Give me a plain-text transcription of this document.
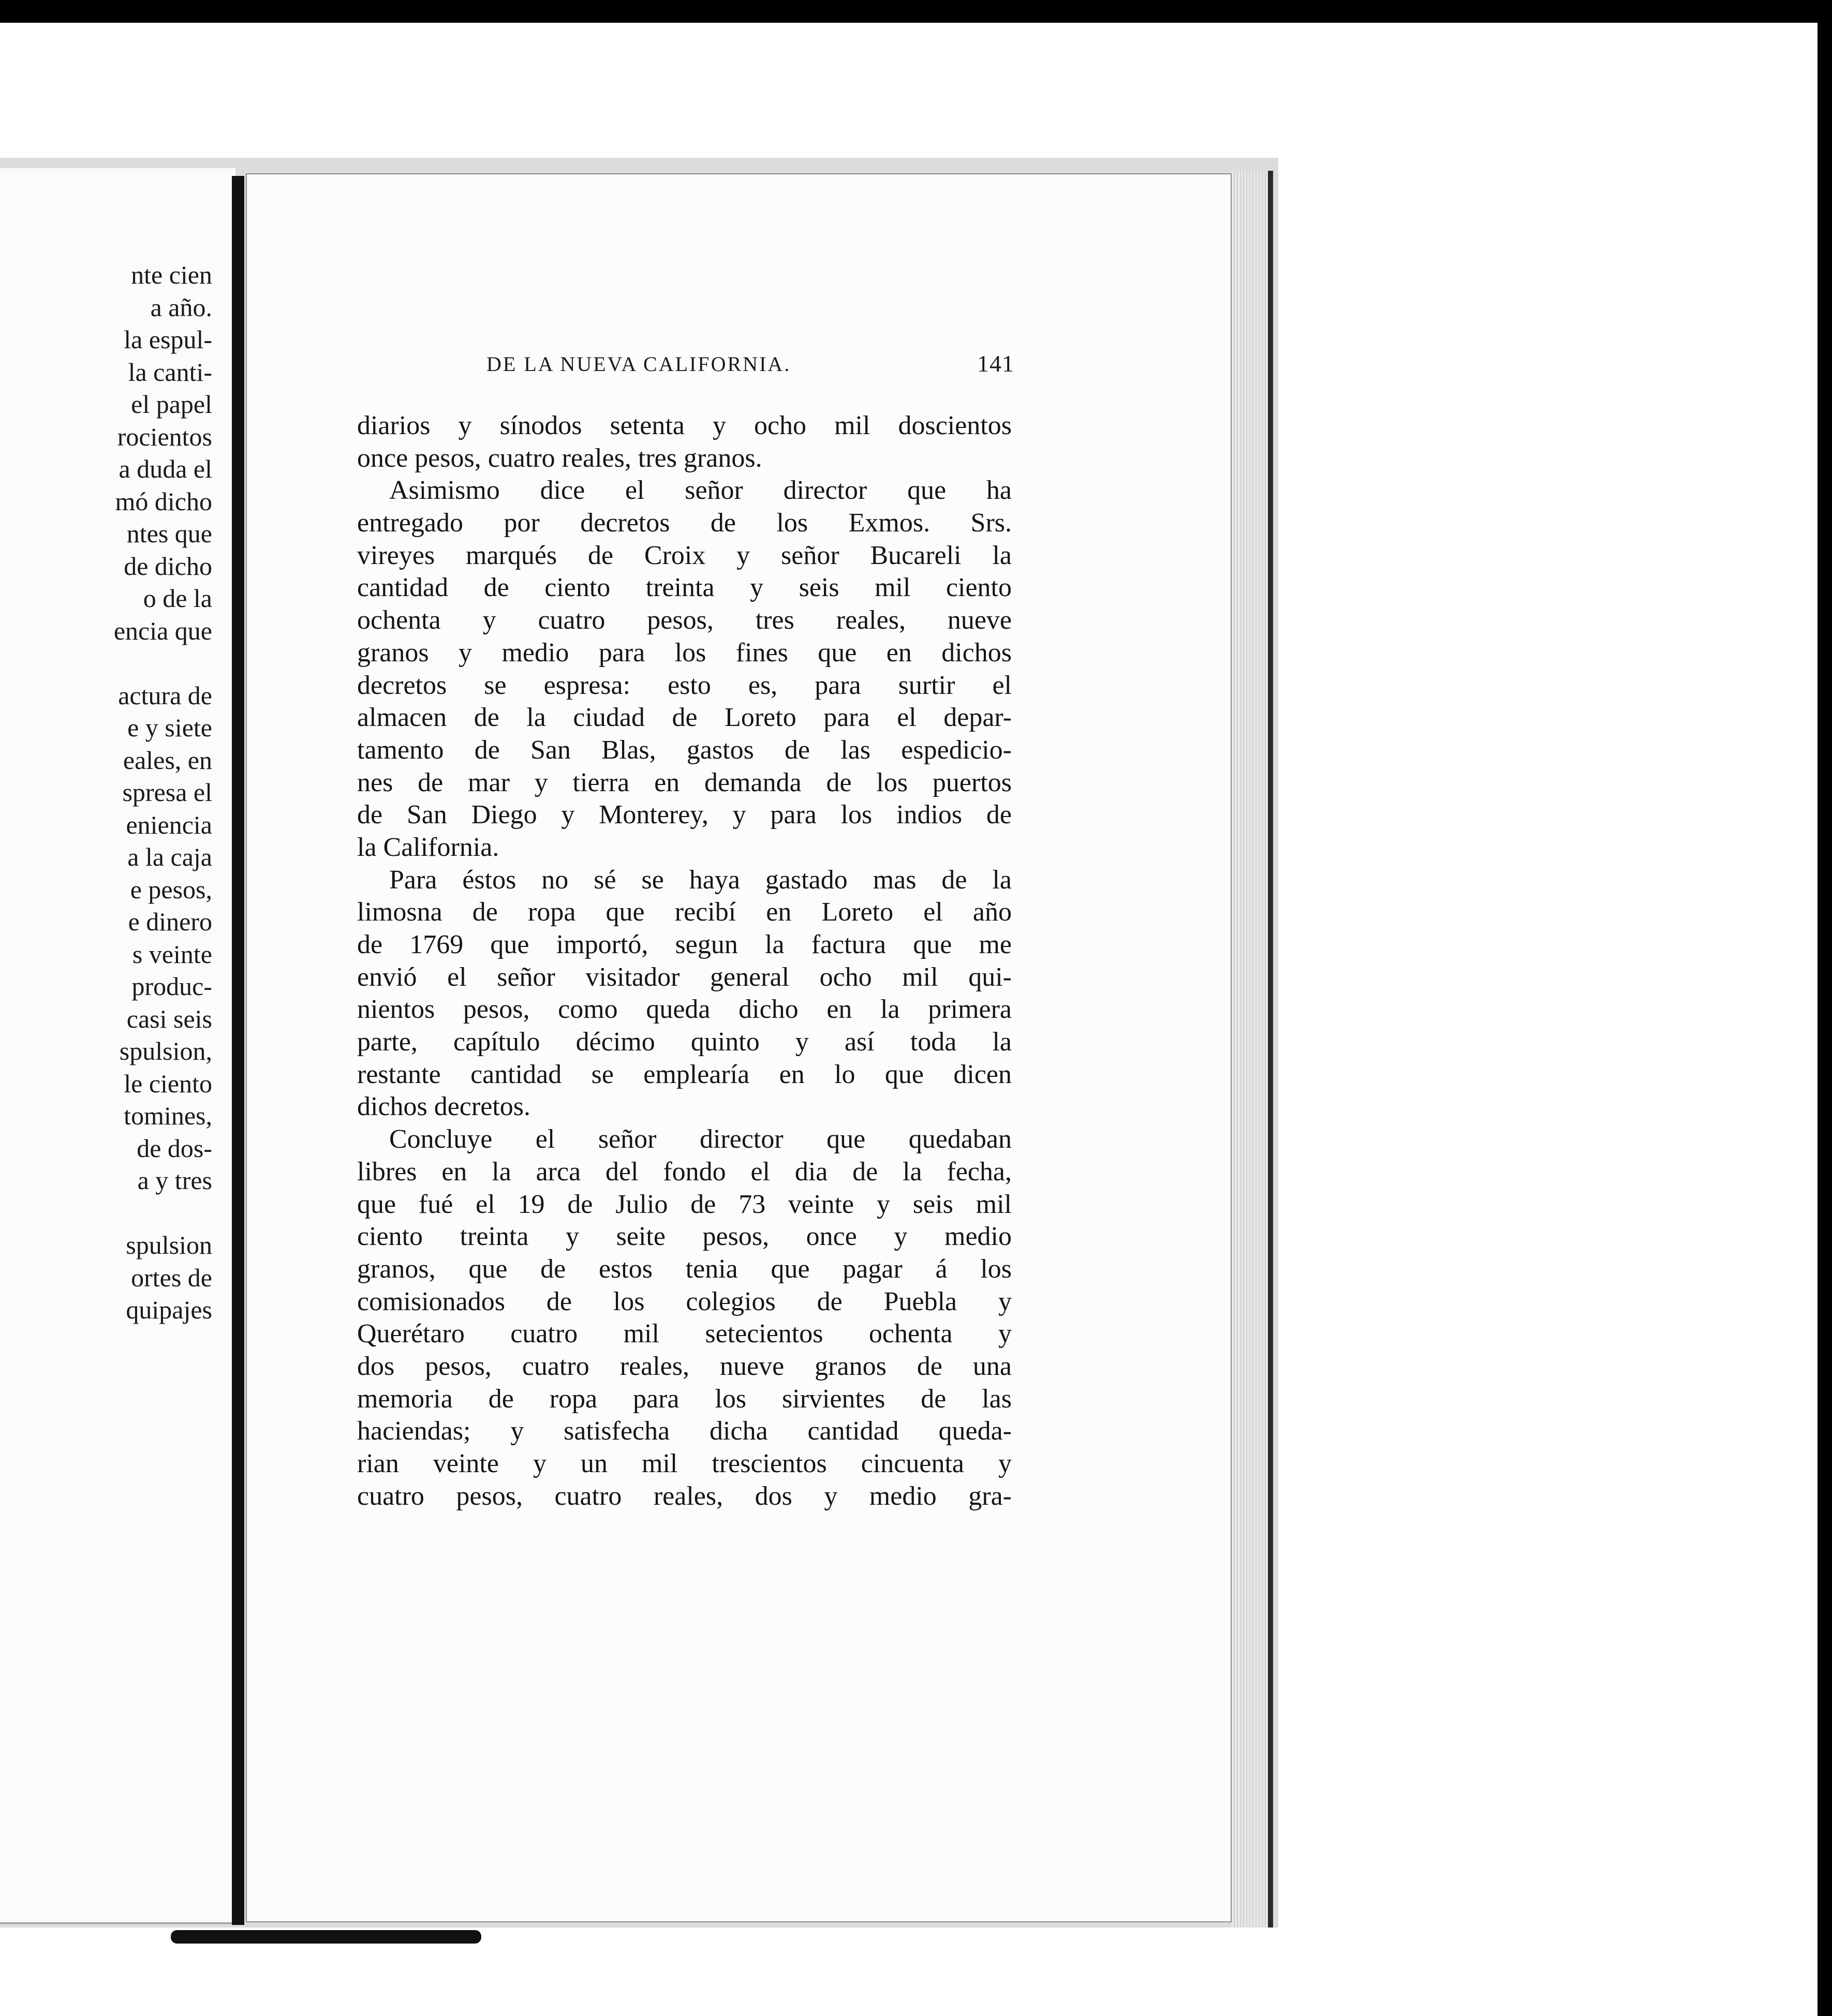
nte cien
a año.
la espul-
la canti-
el papel
rocientos
a duda el
mó dicho
ntes que
de dicho
o de la
encia que
actura de
e y siete
eales, en
spresa el
eniencia
a la caja
e pesos,
e dinero
s veinte
produc-
casi seis
spulsion,
le ciento
tomines,
de dos-
a y tres
spulsion
ortes de
quipajes
DE LA NUEVA CALIFORNIA.	141
diarios y sínodos setenta y ocho mil doscientos
once pesos, cuatro reales, tres granos.
Asimismo dice el señor director que ha
entregado por decretos de los Exmos. Srs.
vireyes marqués de Croix y señor Bucareli la
cantidad de ciento treinta y seis mil ciento
ochenta y cuatro pesos, tres reales, nueve
granos y medio para los fines que en dichos
decretos se espresa: esto es, para surtir el
almacen de la ciudad de Loreto para el depar-
tamento de San Blas, gastos de las espedicio-
nes de mar y tierra en demanda de los puertos
de San Diego y Monterey, y para los indios de
la California.
Para éstos no sé se haya gastado mas de la
limosna de ropa que recibí en Loreto el año
de 1769 que importó, segun la factura que me
envió el señor visitador general ocho mil qui-
nientos pesos, como queda dicho en la primera
parte, capítulo décimo quinto y así toda la
restante cantidad se emplearía en lo que dicen
dichos decretos.
Concluye el señor director que quedaban
libres en la arca del fondo el dia de la fecha,
que fué el 19 de Julio de 73 veinte y seis mil
ciento treinta y seite pesos, once y medio
granos, que de estos tenia que pagar á los
comisionados de los colegios de Puebla y
Querétaro cuatro mil setecientos ochenta y
dos pesos, cuatro reales, nueve granos de una
memoria de ropa para los sirvientes de las
haciendas; y satisfecha dicha cantidad queda-
rian veinte y un mil trescientos cincuenta y
cuatro pesos, cuatro reales, dos y medio gra-
